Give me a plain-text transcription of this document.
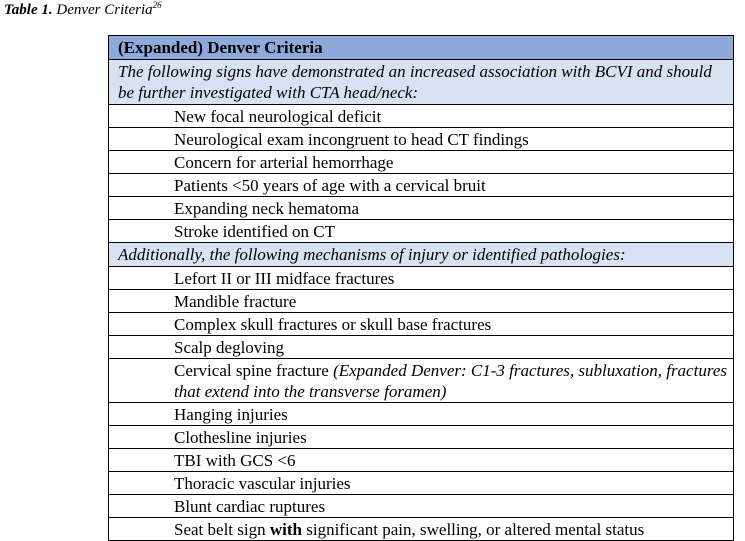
Table 1. Denver Criteria$^{26}$
(Expanded) Denver Criteria
The following signs have demonstrated an increased association with BCVI and should be further investigated with CTA head/neck:
New focal neurological deficit
Neurological exam incongruent to head CT findings
Concern for arterial hemorrhage
Patients <50 years of age with a cervical bruit
Expanding neck hematoma
Stroke identified on CT
Additionally, the following mechanisms of injury or identified pathologies:
Lefort II or III midface fractures
Mandible fracture
Complex skull fractures or skull base fractures
Scalp degloving
Cervical spine fracture (Expanded Denver: C1-3 fractures, subluxation, fractures that extend into the transverse foramen)
Hanging injuries
Clothesline injuries
TBI with GCS <6
Thoracic vascular injuries
Blunt cardiac ruptures
Seat belt sign with significant pain, swelling, or altered mental status
